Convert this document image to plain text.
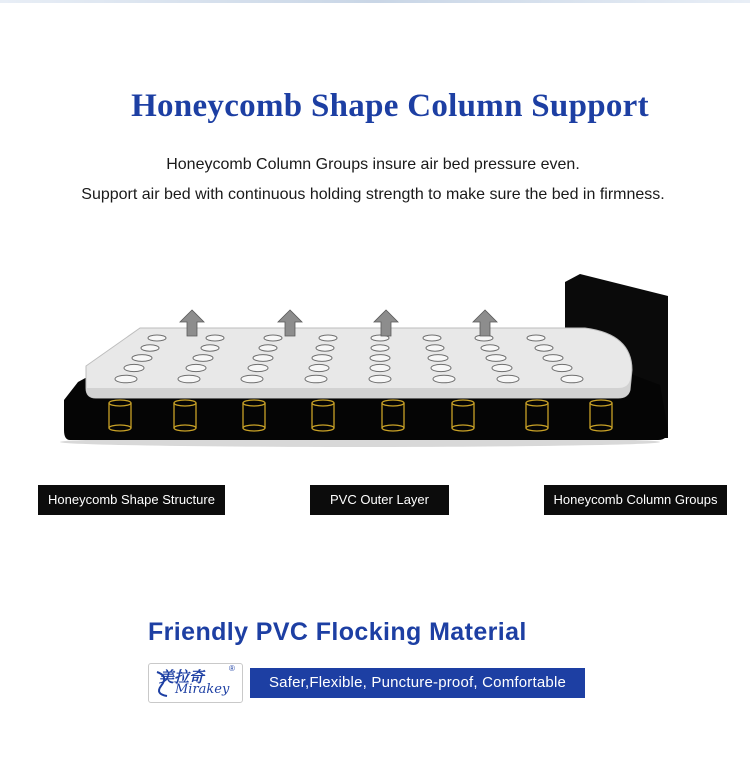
Honeycomb Shape Column Support
Honeycomb Column Groups insure air bed pressure even.
Support air bed with continuous holding strength to make sure the bed in firmness.
Honeycomb Shape Structure	PVC Outer Layer	Honeycomb Column Groups
Friendly PVC Flocking Material
美拉奇	®
Mirakey	Safer,Flexible, Puncture-proof, Comfortable
